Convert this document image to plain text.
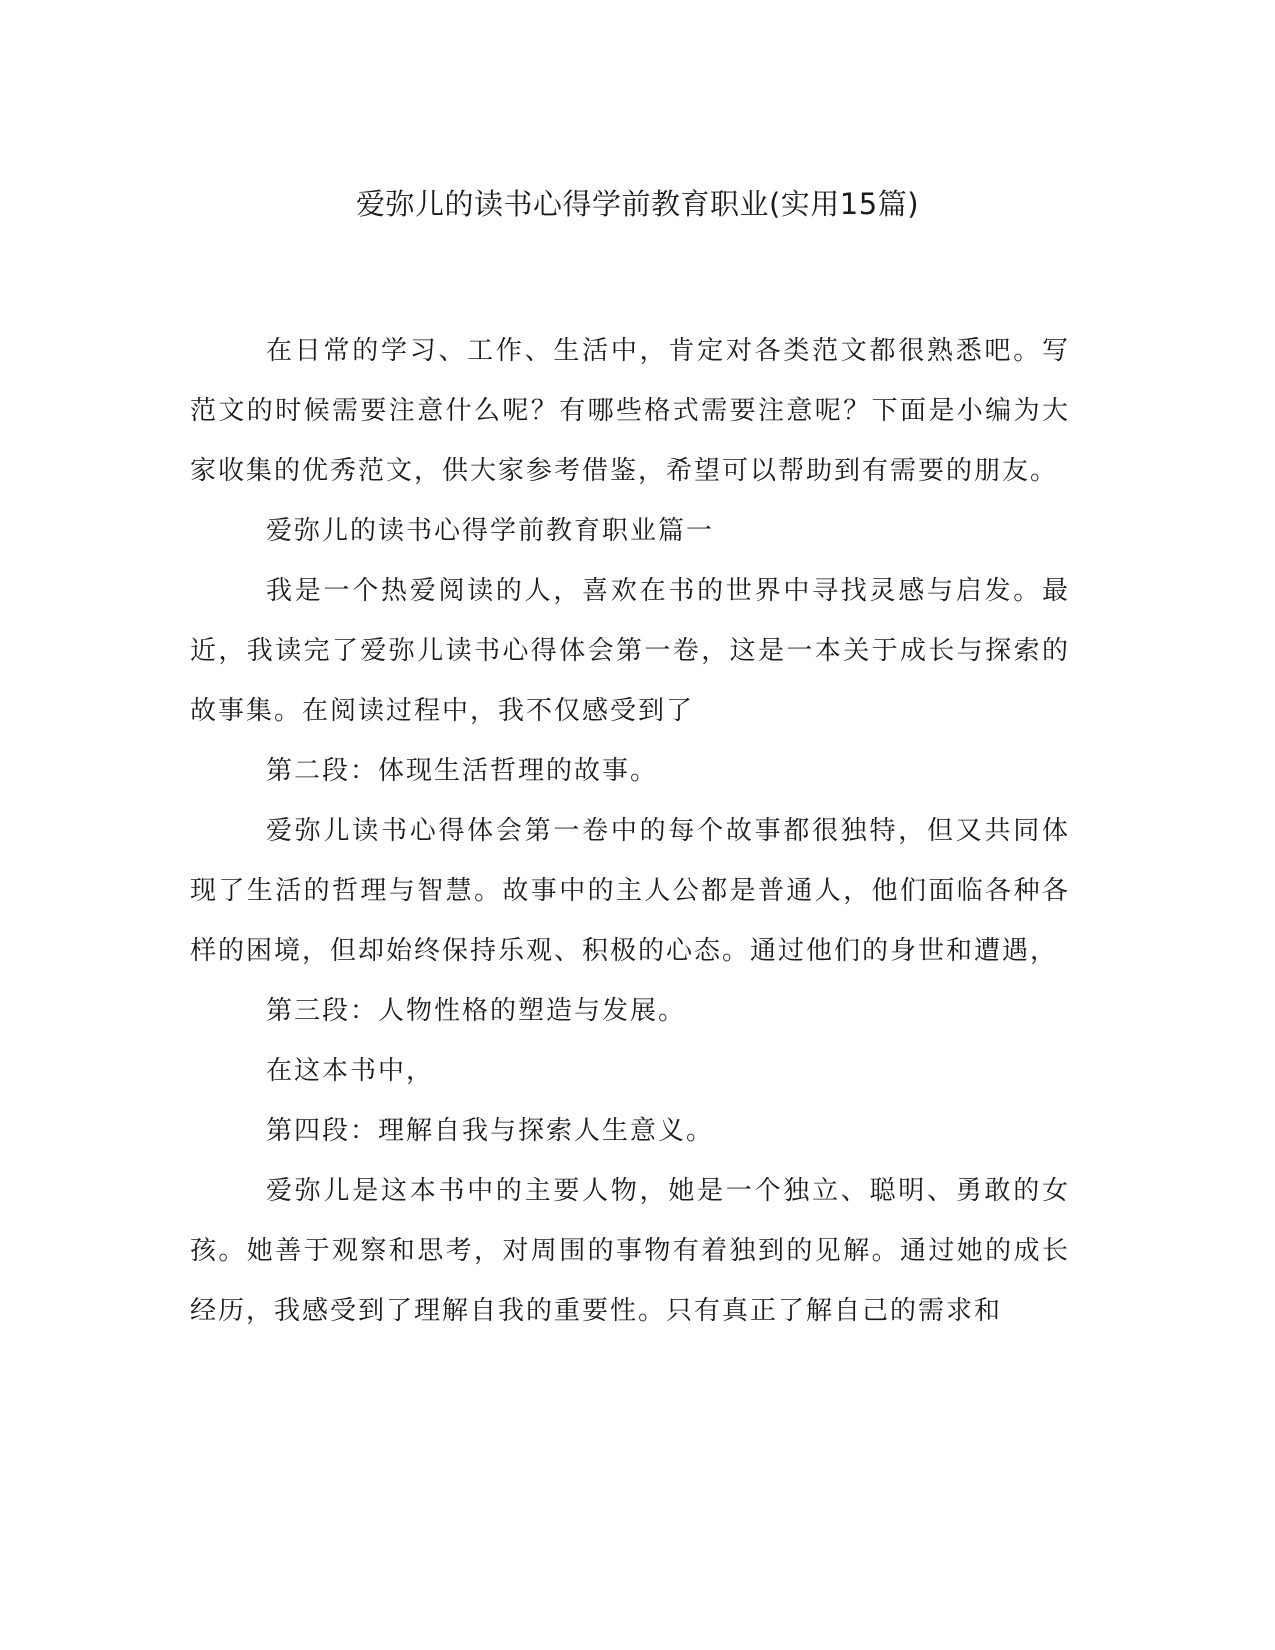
爱弥儿的读书心得学前教育职业(实用15篇)

在日常的学习、工作、生活中，肯定对各类范文都很熟悉吧。写范文的时候需要注意什么呢？有哪些格式需要注意呢？下面是小编为大家收集的优秀范文，供大家参考借鉴，希望可以帮助到有需要的朋友。

爱弥儿的读书心得学前教育职业篇一

我是一个热爱阅读的人，喜欢在书的世界中寻找灵感与启发。最近，我读完了爱弥儿读书心得体会第一卷，这是一本关于成长与探索的故事集。在阅读过程中，我不仅感受到了

第二段：体现生活哲理的故事。

爱弥儿读书心得体会第一卷中的每个故事都很独特，但又共同体现了生活的哲理与智慧。故事中的主人公都是普通人，他们面临各种各样的困境，但却始终保持乐观、积极的心态。通过他们的身世和遭遇，

第三段：人物性格的塑造与发展。

在这本书中，

第四段：理解自我与探索人生意义。

爱弥儿是这本书中的主要人物，她是一个独立、聪明、勇敢的女孩。她善于观察和思考，对周围的事物有着独到的见解。通过她的成长经历，我感受到了理解自我的重要性。只有真正了解自己的需求和
